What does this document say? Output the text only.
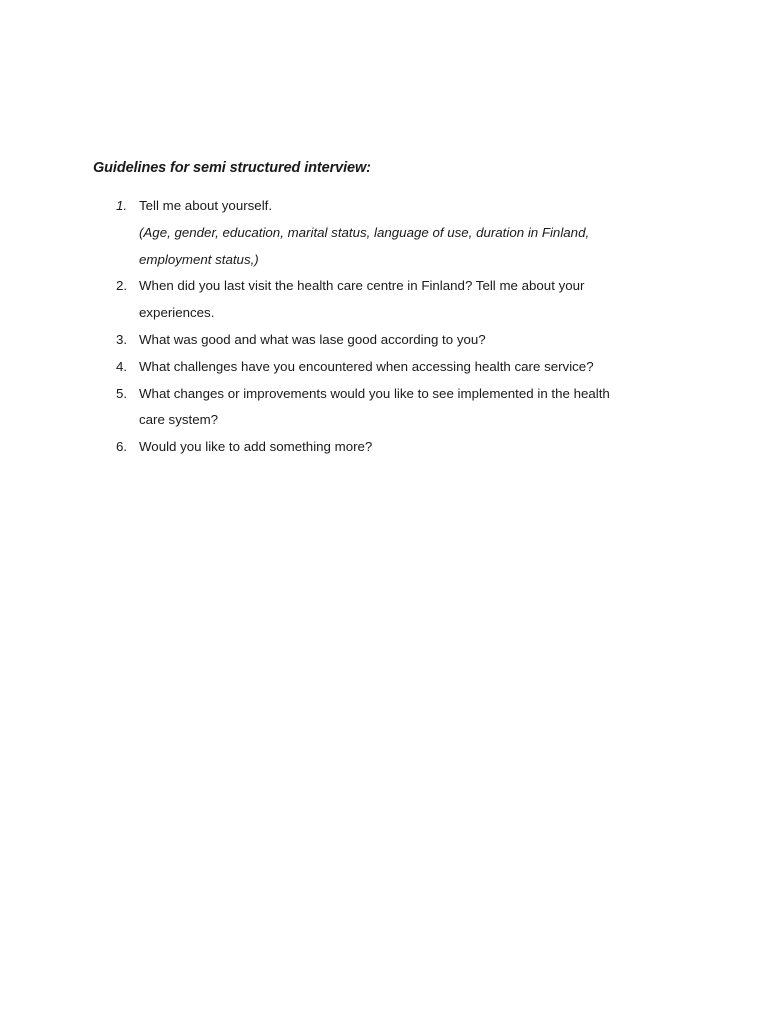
Guidelines for semi structured interview:
1. Tell me about yourself.
(Age, gender, education, marital status, language of use, duration in Finland,
employment status,)
2. When did you last visit the health care centre in Finland? Tell me about your
experiences.
3. What was good and what was lase good according to you?
4. What challenges have you encountered when accessing health care service?
5. What changes or improvements would you like to see implemented in the health
care system?
6. Would you like to add something more?
